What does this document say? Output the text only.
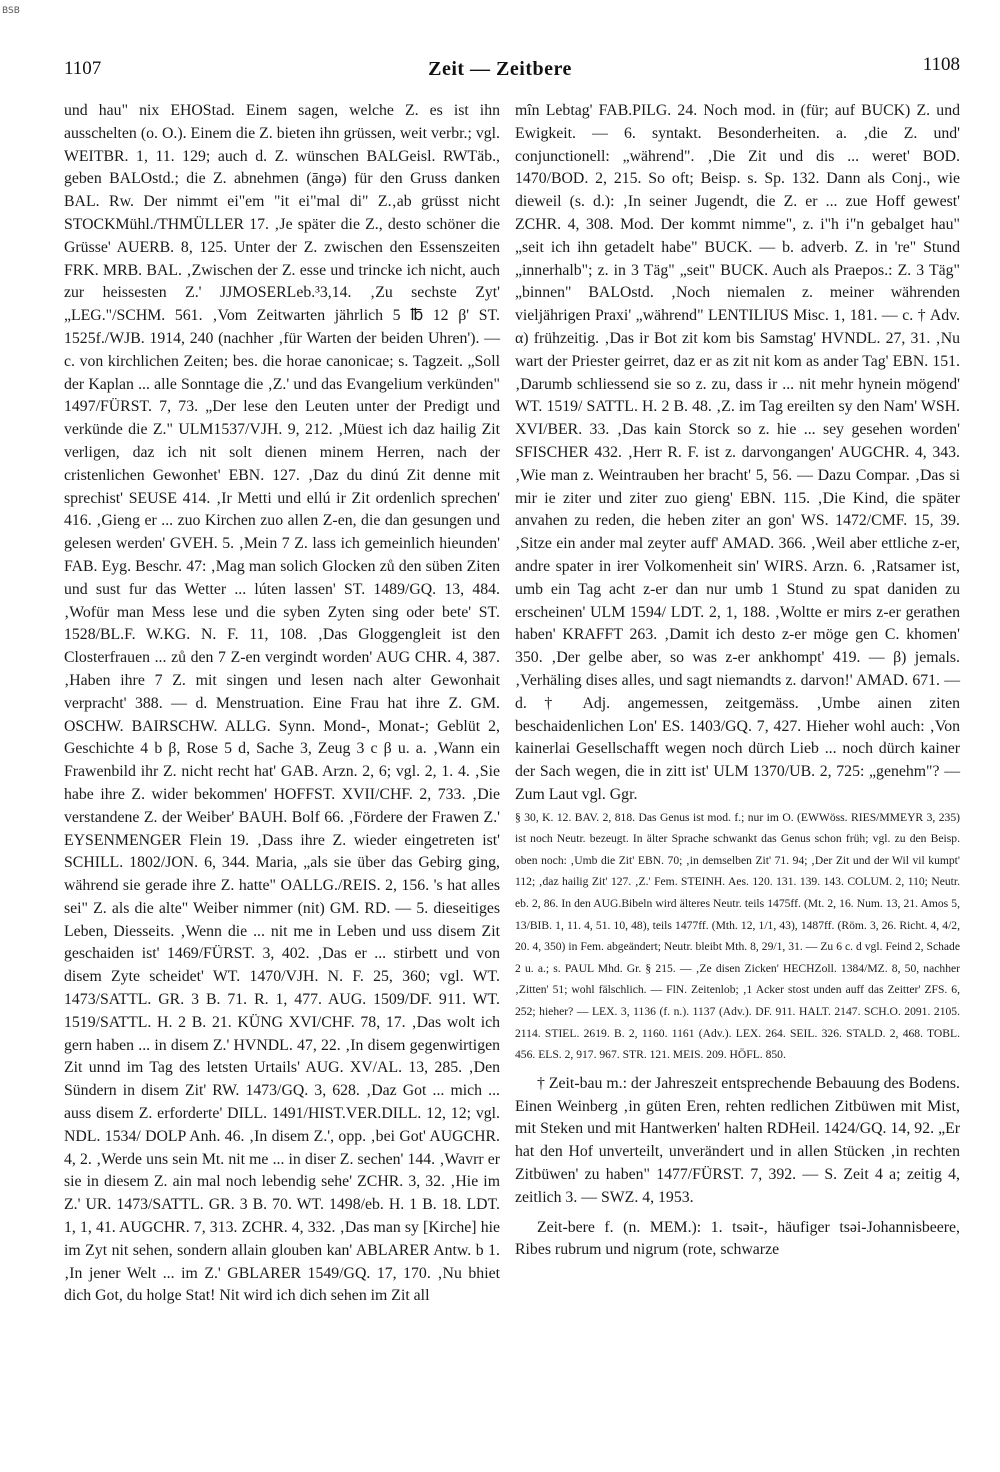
BSB
1107	Zeit — Zeitbere	1108

und hau" nix EHOStad. Einem sagen, welche Z. es ist ihn ausschelten (o. O.). Einem die Z. bieten ihn grüssen, weit verbr.; vgl. WEITBR. 1, 11. 129; auch d. Z. wünschen BALGeisl. RWTäb., geben BALOstd.; die Z. abnehmen (āngə) für den Gruss danken BAL. Rw. Der nimmt ei"em "it ei"mal di" Z.‚ab grüsst nicht STOCKMühl./THMÜLLER 17. ‚Je später die Z., desto schöner die Grüsse' AUERB. 8, 125. Unter der Z. zwischen den Essenszeiten FRK. MRB. BAL. ‚Zwischen der Z. esse und trincke ich nicht, auch zur heissesten Z.' JJMOSERLeb.³3,14. ‚Zu sechste Zyt' „LEG."/SCHM. 561. ‚Vom Zeitwarten jährlich 5 ℔ 12 β' ST. 1525f./WJB. 1914, 240 (nachher ‚für Warten der beiden Uhren'). — c. von kirchlichen Zeiten; bes. die horae canonicae; s. Tagzeit. „Soll der Kaplan ... alle Sonntage die ‚Z.' und das Evangelium verkünden" 1497/FÜRST. 7, 73. „Der lese den Leuten unter der Predigt und verkünde die Z." ULM1537/VJH. 9, 212. ‚Müest ich daz hailig Zit verligen, daz ich nit solt dienen minem Herren, nach der cristenlichen Gewonhet' EBN. 127. ‚Daz du dinú Zit denne mit sprechist' SEUSE 414. ‚Ir Metti und ellú ir Zit ordenlich sprechen' 416. ‚Gieng er ... zuo Kirchen zuo allen Z-en, die dan gesungen und gelesen werden' GVEH. 5. ‚Mein 7 Z. lass ich gemeinlich hieunden' FAB. Eyg. Beschr. 47: ‚Mag man solich Glocken zů den süben Ziten und sust fur das Wetter ... lúten lassen' ST. 1489/GQ. 13, 484. ‚Wofür man Mess lese und die syben Zyten sing oder bete' ST. 1528/BL.F. W.KG. N. F. 11, 108. ‚Das Gloggengleit ist den Closterfrauen ... zů den 7 Z-en vergindt worden' AUG CHR. 4, 387. ‚Haben ihre 7 Z. mit singen und lesen nach alter Gewonhait verpracht' 388. — d. Menstruation. Eine Frau hat ihre Z. GM. OSCHW. BAIRSCHW. ALLG. Synn. Mond-, Monat-; Geblüt 2, Geschichte 4 b β, Rose 5 d, Sache 3, Zeug 3 c β u. a. ‚Wann ein Frawenbild ihr Z. nicht recht hat' GAB. Arzn. 2, 6; vgl. 2, 1. 4. ‚Sie habe ihre Z. wider bekommen' HOFFST. XVII/CHF. 2, 733. ‚Die verstandene Z. der Weiber' BAUH. Bolf 66. ‚Fördere der Frawen Z.' EYSENMENGER Flein 19. ‚Dass ihre Z. wieder eingetreten ist' SCHILL. 1802/JON. 6, 344. Maria, „als sie über das Gebirg ging, während sie gerade ihre Z. hatte" OALLG./REIS. 2, 156. 's hat alles sei" Z. als die alte" Weiber nimmer (nit) GM. RD. — 5. dieseitiges Leben, Diesseits. ‚Wenn die ... nit me in Leben und uss disem Zit geschaiden ist' 1469/FÜRST. 3, 402. ‚Das er ... stirbett und von disem Zyte scheidet' WT. 1470/VJH. N. F. 25, 360; vgl. WT. 1473/SATTL. GR. 3 B. 71. R. 1, 477. AUG. 1509/DF. 911. WT. 1519/SATTL. H. 2 B. 21. KÜNG XVI/CHF. 78, 17. ‚Das wolt ich gern haben ... in disem Z.' HVNDL. 47, 22. ‚In disem gegenwirtigen Zit unnd im Tag des letsten Urtails' AUG. XV/AL. 13, 285. ‚Den Sündern in disem Zit' RW. 1473/GQ. 3, 628. ‚Daz Got ... mich ... auss disem Z. erforderte' DILL. 1491/HIST.VER.DILL. 12, 12; vgl. NDL. 1534/ DOLP Anh. 46. ‚In disem Z.', opp. ‚bei Got' AUGCHR. 4, 2. ‚Werde uns sein Mt. nit me ... in diser Z. sechen' 144. ‚Wavrr er sie in diesem Z. ain mal noch lebendig sehe' ZCHR. 3, 32. ‚Hie im Z.' UR. 1473/SATTL. GR. 3 B. 70. WT. 1498/eb. H. 1 B. 18. LDT. 1, 1, 41. AUGCHR. 7, 313. ZCHR. 4, 332. ‚Das man sy [Kirche] hie im Zyt nit sehen, sondern allain glouben kan' ABLARER Antw. b 1. ‚In jener Welt ... im Z.' GBLARER 1549/GQ. 17, 170. ‚Nu bhiet dich Got, du holge Stat! Nit wird ich dich sehen im Zit all

mîn Lebtag' FAB.PILG. 24. Noch mod. in (für; auf BUCK) Z. und Ewigkeit. — 6. syntakt. Besonderheiten. a. ‚die Z. und' conjunctionell: „während". ‚Die Zit und dis ... weret' BOD. 1470/BOD. 2, 215. So oft; Beisp. s. Sp. 132. Dann als Conj., wie dieweil (s. d.): ‚In seiner Jugendt, die Z. er ... zue Hoff gewest' ZCHR. 4, 308. Mod. Der kommt nimme", z. i"h i"n gebalget hau" „seit ich ihn getadelt habe" BUCK. — b. adverb. Z. in 're" Stund „innerhalb"; z. in 3 Täg" „seit" BUCK. Auch als Praepos.: Z. 3 Täg" „binnen" BALOstd. ‚Noch niemalen z. meiner währenden vieljährigen Praxi' „während" LENTILIUS Misc. 1, 181. — c. † Adv. α) frühzeitig. ‚Das ir Bot zit kom bis Samstag' HVNDL. 27, 31. ‚Nu wart der Priester geirret, daz er as zit nit kom as ander Tag' EBN. 151. ‚Darumb schliessend sie so z. zu, dass ir ... nit mehr hynein mögend' WT. 1519/ SATTL. H. 2 B. 48. ‚Z. im Tag ereilten sy den Nam' WSH. XVI/BER. 33. ‚Das kain Storck so z. hie ... sey gesehen worden' SFISCHER 432. ‚Herr R. F. ist z. darvongangen' AUGCHR. 4, 343. ‚Wie man z. Weintrauben her bracht' 5, 56. — Dazu Compar. ‚Das si mir ie ziter und ziter zuo gieng' EBN. 115. ‚Die Kind, die später anvahen zu reden, die heben ziter an gon' WS. 1472/CMF. 15, 39. ‚Sitze ein ander mal zeyter auff' AMAD. 366. ‚Weil aber ettliche z-er, andre spater in irer Volkomenheit sin' WIRS. Arzn. 6. ‚Ratsamer ist, umb ein Tag acht z-er dan nur umb 1 Stund zu spat daniden zu erscheinen' ULM 1594/ LDT. 2, 1, 188. ‚Woltte er mirs z-er gerathen haben' KRAFFT 263. ‚Damit ich desto z-er möge gen C. khomen' 350. ‚Der gelbe aber, so was z-er ankhompt' 419. — β) jemals. ‚Verhäling dises alles, und sagt niemandts z. darvon!' AMAD. 671. — d. † Adj. angemessen, zeitgemäss. ‚Umbe ainen ziten beschaidenlichen Lon' ES. 1403/GQ. 7, 427. Hieher wohl auch: ‚Von kainerlai Gesellschafft wegen noch dürch Lieb ... noch dürch kainer der Sach wegen, die in zitt ist' ULM 1370/UB. 2, 725: „genehm"? — Zum Laut vgl. Ggr.

§ 30, K. 12. BAV. 2, 818. Das Genus ist mod. f.; nur im O. (EWWöss. RIES/MMEYR 3, 235) ist noch Neutr. bezeugt. In älter Sprache schwankt das Genus schon früh; vgl. zu den Beisp. oben noch: ‚Umb die Zit' EBN. 70; ‚in demselben Zit' 71. 94; ‚Der Zit und der Wil vil kumpt' 112; ‚daz hailig Zit' 127. ‚Z.' Fem. STEINH. Aes. 120. 131. 139. 143. COLUM. 2, 110; Neutr. eb. 2, 86. In den AUG.Bibeln wird älteres Neutr. teils 1475ff. (Mt. 2, 16. Num. 13, 21. Amos 5, 13/BIB. 1, 11. 4, 51. 10, 48), teils 1477ff. (Mth. 12, 1/1, 43), 1487ff. (Röm. 3, 26. Richt. 4, 4/2, 20. 4, 350) in Fem. abgeändert; Neutr. bleibt Mth. 8, 29/1, 31. — Zu 6 c. d vgl. Feind 2, Schade 2 u. a.; s. PAUL Mhd. Gr. § 215. — ‚Ze disen Zicken' HECHZoll. 1384/MZ. 8, 50, nachher ‚Zitten' 51; wohl fälschlich. — FlN. Zeitenlob; ‚1 Acker stost unden auff das Zeitter' ZFS. 6, 252; hieher? — LEX. 3, 1136 (f. n.). 1137 (Adv.). DF. 911. HALT. 2147. SCH.O. 2091. 2105. 2114. STIEL. 2619. B. 2, 1160. 1161 (Adv.). LEX. 264. SEIL. 326. STALD. 2, 468. TOBL. 456. ELS. 2, 917. 967. STR. 121. MEIS. 209. HÖFL. 850.

† Zeit-bau m.: der Jahreszeit entsprechende Bebauung des Bodens. Einen Weinberg ‚in güten Eren, rehten redlichen Zitbüwen mit Mist, mit Steken und mit Hantwerken' halten RDHeil. 1424/GQ. 14, 92. „Er hat den Hof unverteilt, unverändert und in allen Stücken ‚in rechten Zitbüwen' zu haben" 1477/FÜRST. 7, 392. — S. Zeit 4 a; zeitig 4, zeitlich 3. — SWZ. 4, 1953.

Zeit-bere f. (n. MEM.): 1. tsəit-, häufiger tsəi-Johannisbeere, Ribes rubrum und nigrum (rote, schwarze
